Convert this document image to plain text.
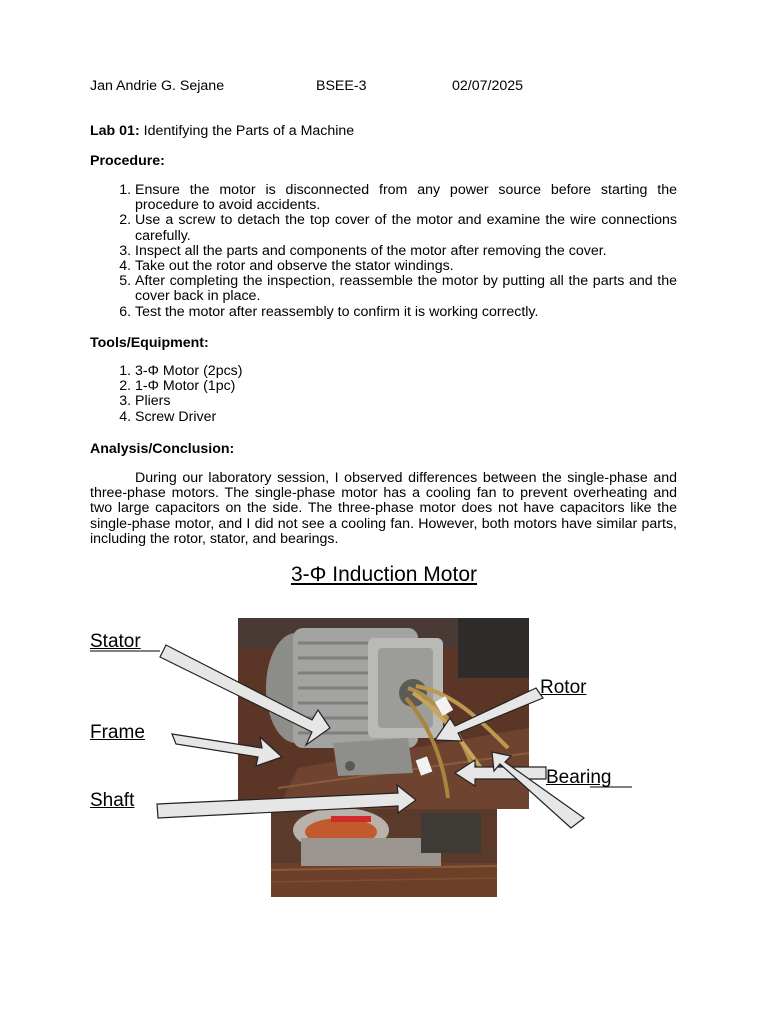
Jan Andrie G. Sejane	BSEE-3	02/07/2025
Lab 01: Identifying the Parts of a Machine
Procedure:
1. Ensure the motor is disconnected from any power source before starting the procedure to avoid accidents.
2. Use a screw to detach the top cover of the motor and examine the wire connections carefully.
3. Inspect all the parts and components of the motor after removing the cover.
4. Take out the rotor and observe the stator windings.
5. After completing the inspection, reassemble the motor by putting all the parts and the cover back in place.
6. Test the motor after reassembly to confirm it is working correctly.
Tools/Equipment:
1. 3-Φ Motor (2pcs)
2. 1-Φ Motor (1pc)
3. Pliers
4. Screw Driver
Analysis/Conclusion:
During our laboratory session, I observed differences between the single-phase and three-phase motors. The single-phase motor has a cooling fan to prevent overheating and two large capacitors on the side. The three-phase motor does not have capacitors like the single-phase motor, and I did not see a cooling fan. However, both motors have similar parts, including the rotor, stator, and bearings.
3-Φ Induction Motor
Stator
Rotor
Frame
Bearing
Shaft
